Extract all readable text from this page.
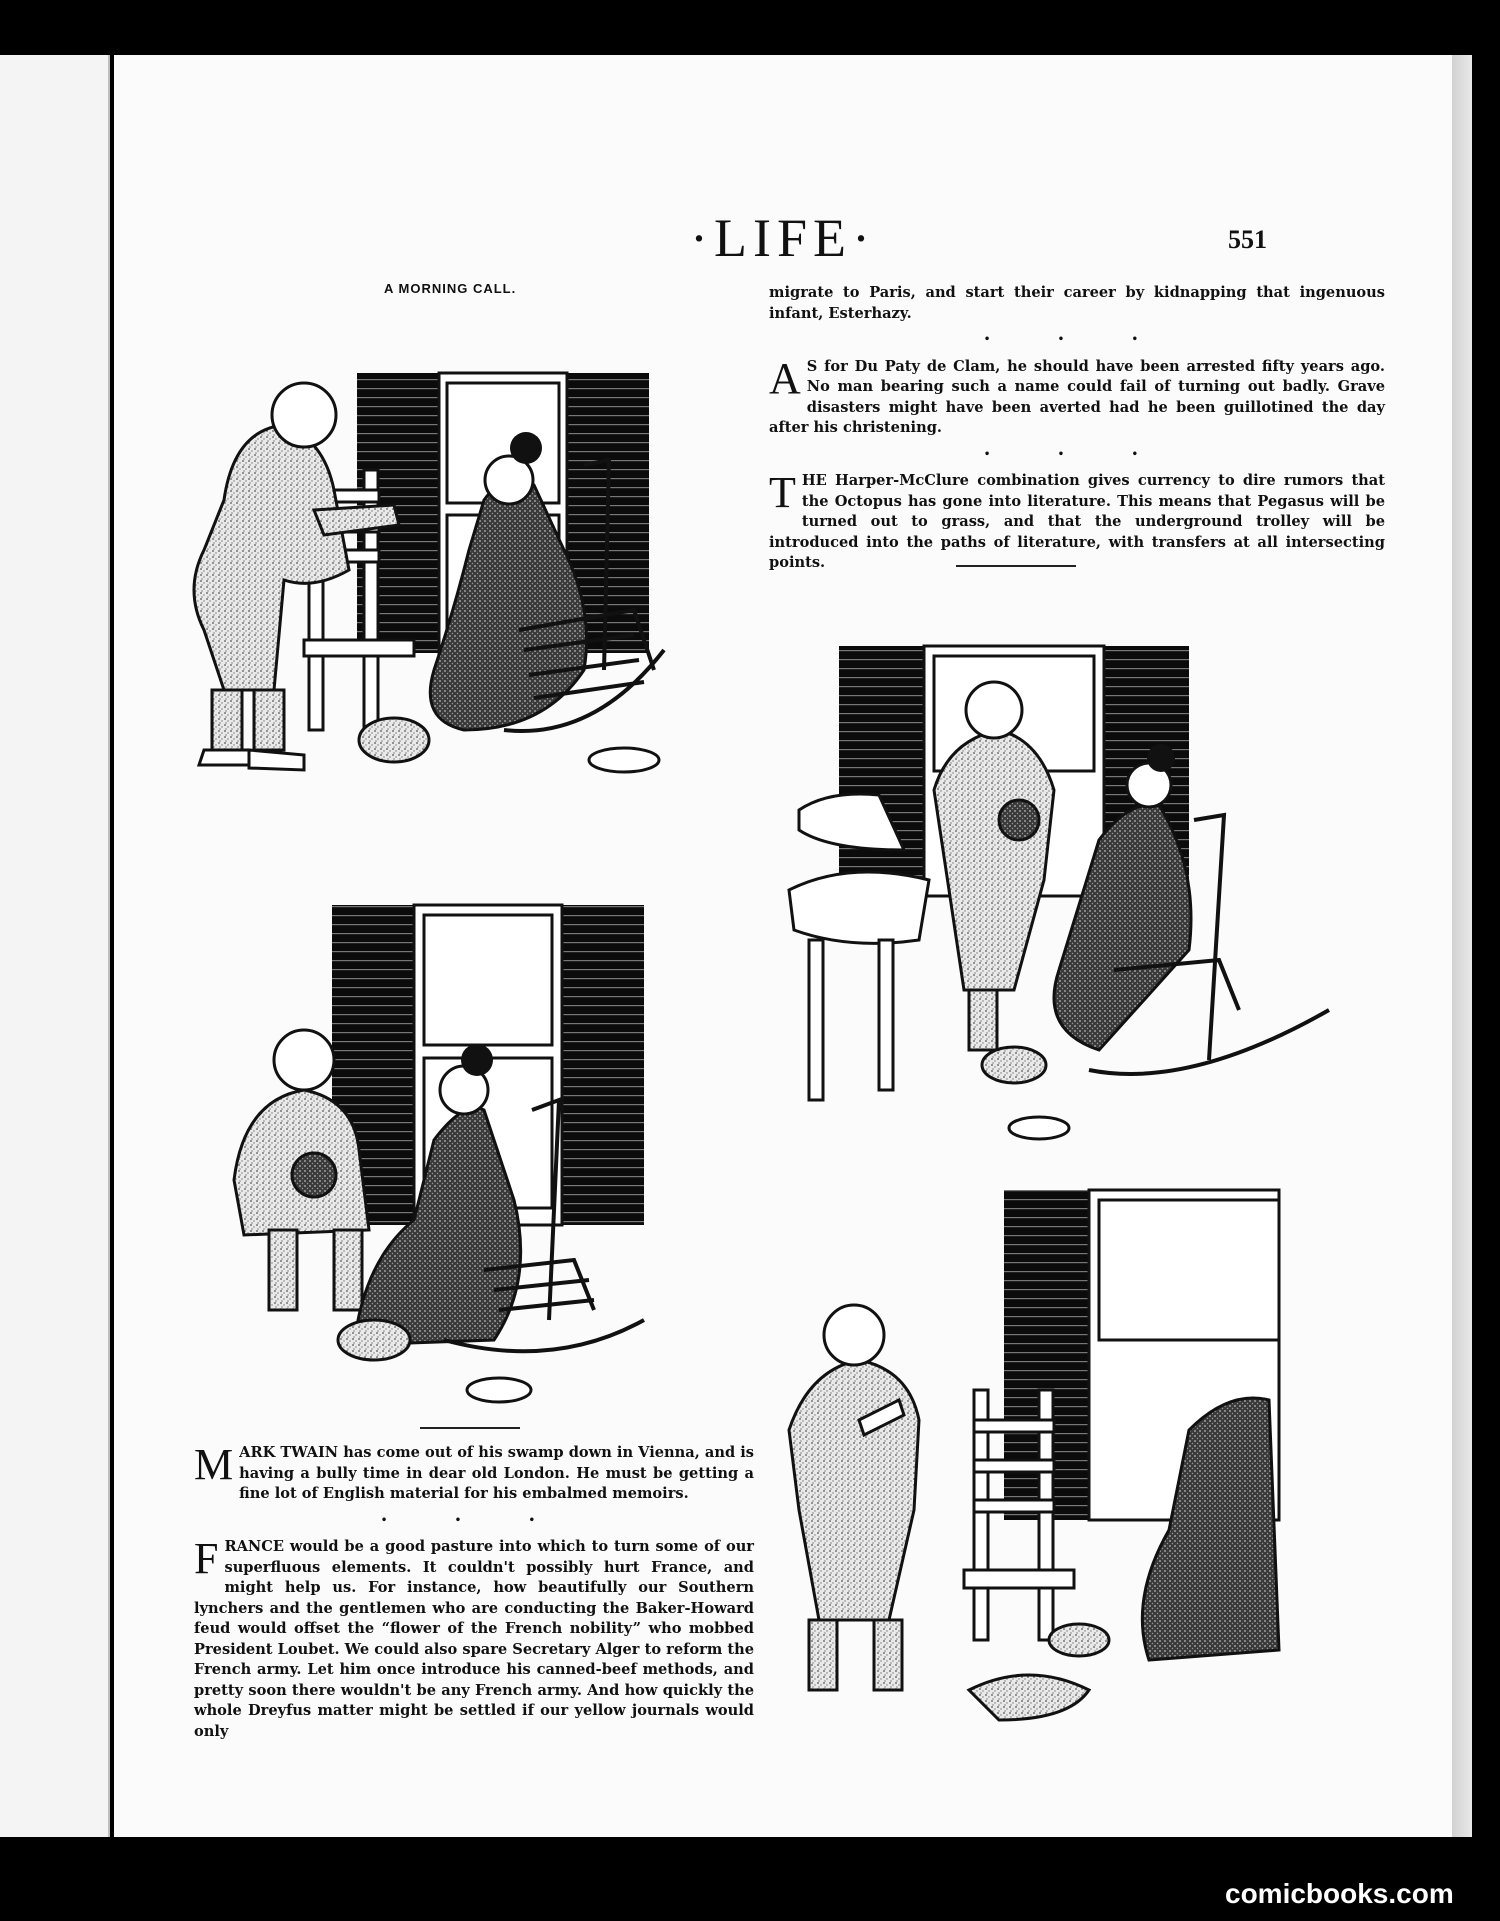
·LIFE·	551
A MORNING CALL.	migrate to Paris, and start their career by kidnapping that ingenuous infant, Esterhazy.

• • •

A S for Du Paty de Clam, he should have been arrested fifty years ago. No man bearing such a name could fail of turning out badly. Grave disasters might have been averted had he been guillotined the day after his christening.

• • •

THE Harper-McClure combination gives currency to dire rumors that the Octopus has gone into literature. This means that Pegasus will be turned out to grass, and that the underground trolley will be introduced into the paths of literature, with transfers at all intersecting points.

MARK TWAIN has come out of his swamp down in Vienna, and is having a bully time in dear old London. He must be getting a fine lot of English material for his embalmed memoirs.

• • •

FRANCE would be a good pasture into which to turn some of our superfluous elements. It couldn't possibly hurt France, and might help us. For instance, how beautifully our Southern lynchers and the gentlemen who are conducting the Baker-Howard feud would offset the “flower of the French nobility” who mobbed President Loubet. We could also spare Secretary Alger to reform the French army. Let him once introduce his canned-beef methods, and pretty soon there wouldn't be any French army. And how quickly the whole Dreyfus matter might be settled if our yellow journals would only

comicbooks.com
